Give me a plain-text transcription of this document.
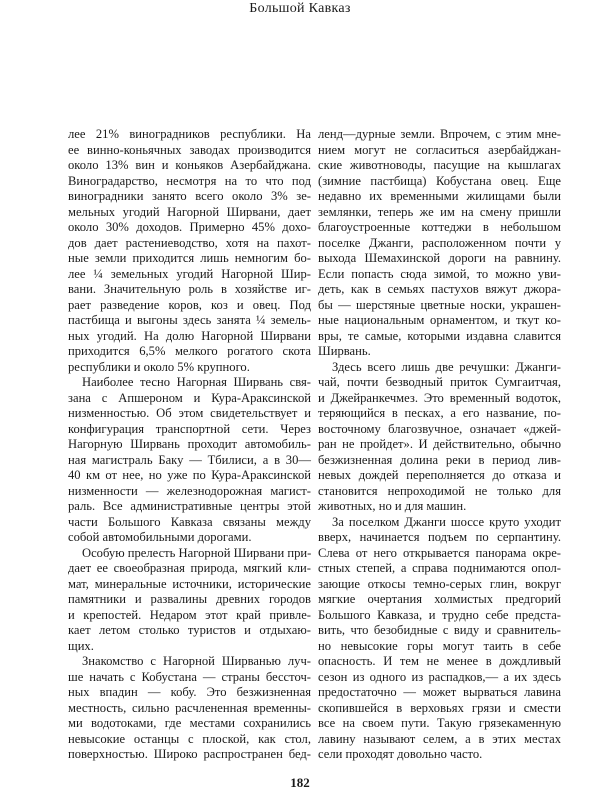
Большой Кавказ
лее 21% виноградников республики. На
ее винно-коньячных заводах производится
около 13% вин и коньяков Азербайджана.
Виноградарство, несмотря на то что под
виноградники занято всего около 3% зе-
мельных угодий Нагорной Ширвани, дает
около 30% доходов. Примерно 45% дохо-
дов дает растениеводство, хотя на пахот-
ные земли приходится лишь немногим бо-
лее ¼ земельных угодий Нагорной Шир-
вани. Значительную роль в хозяйстве иг-
рает разведение коров, коз и овец. Под
пастбища и выгоны здесь занята ¼ земель-
ных угодий. На долю Нагорной Ширвани
приходится 6,5% мелкого рогатого скота
республики и около 5% крупного.
Наиболее тесно Нагорная Ширвань свя-
зана с Апшероном и Кура-Араксинской
низменностью. Об этом свидетельствует и
конфигурация транспортной сети. Через
Нагорную Ширвань проходит автомобиль-
ная магистраль Баку — Тбилиси, а в 30—
40 км от нее, но уже по Кура-Араксинской
низменности — железнодорожная магист-
раль. Все административные центры этой
части Большого Кавказа связаны между
собой автомобильными дорогами.
Особую прелесть Нагорной Ширвани при-
дает ее своеобразная природа, мягкий кли-
мат, минеральные источники, исторические
памятники и развалины древних городов
и крепостей. Недаром этот край привле-
кает летом столько туристов и отдыхаю-
щих.
Знакомство с Нагорной Ширванью луч-
ше начать с Кобустана — страны бессточ-
ных впадин — кобу. Это безжизненная
местность, сильно расчлененная временны-
ми водотоками, где местами сохранились
невысокие останцы с плоской, как стол,
поверхностью. Широко распространен бед-
ленд—дурные земли. Впрочем, с этим мне-
нием могут не согласиться азербайджан-
ские животноводы, пасущие на кышлагах
(зимние пастбища) Кобустана овец. Еще
недавно их временными жилищами были
землянки, теперь же им на смену пришли
благоустроенные коттеджи в небольшом
поселке Джанги, расположенном почти у
выхода Шемахинской дороги на равнину.
Если попасть сюда зимой, то можно уви-
деть, как в семьях пастухов вяжут джора-
бы — шерстяные цветные носки, украшен-
ные национальным орнаментом, и ткут ко-
вры, те самые, которыми издавна славится
Ширвань.
Здесь всего лишь две речушки: Джанги-
чай, почти безводный приток Сумгаитчая,
и Джейранкечмез. Это временный водоток,
теряющийся в песках, а его название, по-
восточному благозвучное, означает «джей-
ран не пройдет». И действительно, обычно
безжизненная долина реки в период лив-
невых дождей переполняется до отказа и
становится непроходимой не только для
животных, но и для машин.
За поселком Джанги шоссе круто уходит
вверх, начинается подъем по серпантину.
Слева от него открывается панорама окре-
стных степей, а справа поднимаются опол-
зающие откосы темно-серых глин, вокруг
мягкие очертания холмистых предгорий
Большого Кавказа, и трудно себе предста-
вить, что безобидные с виду и сравнитель-
но невысокие горы могут таить в себе
опасность. И тем не менее в дождливый
сезон из одного из распадков,— а их здесь
предостаточно — может вырваться лавина
скопившейся в верховьях грязи и смести
все на своем пути. Такую грязекаменную
лавину называют селем, а в этих местах
сели проходят довольно часто.
182
